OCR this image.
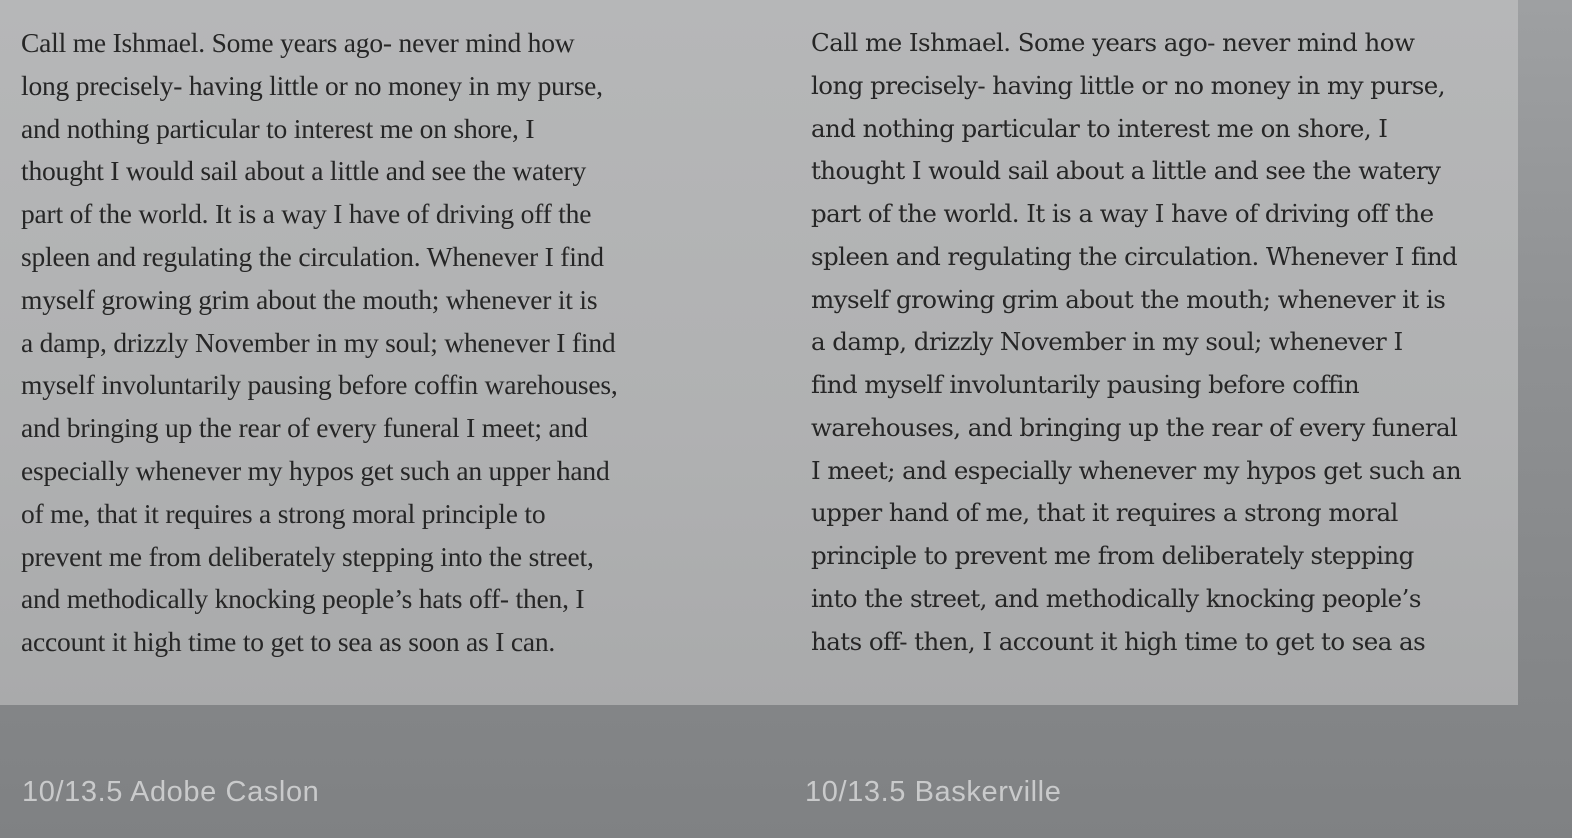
Call me Ishmael. Some years ago- never mind how
long precisely- having little or no money in my purse,
and nothing particular to interest me on shore, I
thought I would sail about a little and see the watery
part of the world. It is a way I have of driving off the
spleen and regulating the circulation. Whenever I find
myself growing grim about the mouth; whenever it is
a damp, drizzly November in my soul; whenever I find
myself involuntarily pausing before coffin warehouses,
and bringing up the rear of every funeral I meet; and
especially whenever my hypos get such an upper hand
of me, that it requires a strong moral principle to
prevent me from deliberately stepping into the street,
and methodically knocking people’s hats off- then, I
account it high time to get to sea as soon as I can.

Call me Ishmael. Some years ago- never mind how
long precisely- having little or no money in my purse,
and nothing particular to interest me on shore, I
thought I would sail about a little and see the watery
part of the world. It is a way I have of driving off the
spleen and regulating the circulation. Whenever I find
myself growing grim about the mouth; whenever it is
a damp, drizzly November in my soul; whenever I
find myself involuntarily pausing before coffin
warehouses, and bringing up the rear of every funeral
I meet; and especially whenever my hypos get such an
upper hand of me, that it requires a strong moral
principle to prevent me from deliberately stepping
into the street, and methodically knocking people’s
hats off- then, I account it high time to get to sea as

10/13.5 Adobe Caslon	10/13.5 Baskerville
